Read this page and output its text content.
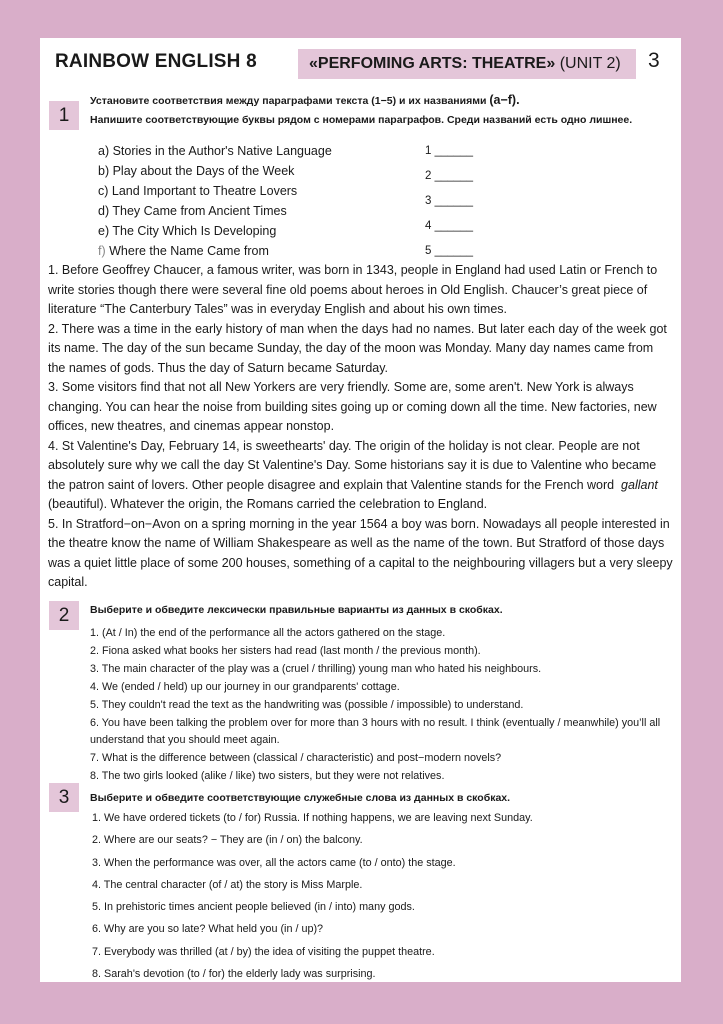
RAINBOW ENGLISH 8	«PERFOMING ARTS: THEATRE» (UNIT 2)	3
1
Установите соответствия между параграфами текста (1−5) и их названиями (a−f).
Напишите соответствующие буквы рядом с номерами параграфов. Среди названий есть одно лишнее.
a) Stories in the Author's Native Language
b) Play about the Days of the Week
c) Land Important to Theatre Lovers
d) They Came from Ancient Times
e) The City Which Is Developing
f) Where the Name Came from
1 ______
2 ______
3 ______
4 ______
5 ______

1. Before Geoffrey Chaucer, a famous writer, was born in 1343, people in England had used Latin or French to write stories though there were several fine old poems about heroes in Old English. Chaucer’s great piece of literature “The Canterbury Tales” was in everyday English and about his own times.

2. There was a time in the early history of man when the days had no names. But later each day of the week got its name. The day of the sun became Sunday, the day of the moon was Monday. Many day names came from the names of gods. Thus the day of Saturn became Saturday.

3. Some visitors find that not all New Yorkers are very friendly. Some are, some aren't. New York is always changing. You can hear the noise from building sites going up or coming down all the time. New factories, new offices, new theatres, and cinemas appear nonstop.

4. St Valentine's Day, February 14, is sweethearts' day. The origin of the holiday is not clear. People are not absolutely sure why we call the day St Valentine's Day. Some historians say it is due to Valentine who became the patron saint of lovers. Other people disagree and explain that Valentine stands for the French word gallant (beautiful). Whatever the origin, the Romans carried the celebration to England.

5. In Stratford−on−Avon on a spring morning in the year 1564 a boy was born. Nowadays all people interested in the theatre know the name of William Shakespeare as well as the name of the town. But Stratford of those days was a quiet little place of some 200 houses, something of a capital to the neighbouring villagers but a very sleepy capital.

2	Выберите и обведите лексически правильные варианты из данных в скобках.
1. (At / In) the end of the performance all the actors gathered on the stage.
2. Fiona asked what books her sisters had read (last month / the previous month).
3. The main character of the play was a (cruel / thrilling) young man who hated his neighbours.
4. We (ended / held) up our journey in our grandparents' cottage.
5. They couldn't read the text as the handwriting was (possible / impossible) to understand.
6. You have been talking the problem over for more than 3 hours with no result. I think (eventually / meanwhile) you’ll all understand that you should meet again.
7. What is the difference between (classical / characteristic) and post−modern novels?
8. The two girls looked (alike / like) two sisters, but they were not relatives.
3	Выберите и обведите соответствующие служебные слова из данных в скобках.
1. We have ordered tickets (to / for) Russia. If nothing happens, we are leaving next Sunday.
2. Where are our seats? − They are (in / on) the balcony.
3. When the performance was over, all the actors came (to / onto) the stage.
4. The central character (of / at) the story is Miss Marple.
5. In prehistoric times ancient people believed (in / into) many gods.
6. Why are you so late? What held you (in / up)?
7. Everybody was thrilled (at / by) the idea of visiting the puppet theatre.
8. Sarah's devotion (to / for) the elderly lady was surprising.
